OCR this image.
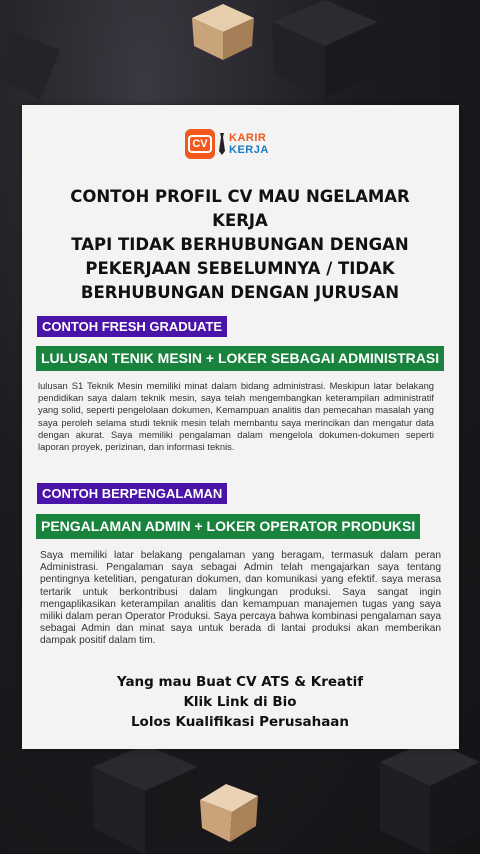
CV	KARIR
KERJA
CONTOH PROFIL CV MAU NGELAMAR KERJA
TAPI TIDAK BERHUBUNGAN DENGAN
PEKERJAAN SEBELUMNYA / TIDAK
BERHUBUNGAN DENGAN JURUSAN
CONTOH FRESH GRADUATE
LULUSAN TENIK MESIN + LOKER SEBAGAI ADMINISTRASI
lulusan S1 Teknik Mesin memiliki minat dalam bidang administrasi. Meskipun latar belakang pendidikan saya dalam teknik mesin, saya telah mengembangkan keterampilan administratif yang solid, seperti pengelolaan dokumen, Kemampuan analitis dan pemecahan masalah yang saya peroleh selama studi teknik mesin telah membantu saya merincikan dan mengatur data dengan akurat. Saya memiliki pengalaman dalam mengelola dokumen-dokumen seperti laporan proyek, perizinan, dan informasi teknis.
CONTOH BERPENGALAMAN
PENGALAMAN ADMIN + LOKER OPERATOR PRODUKSI
Saya memiliki latar belakang pengalaman yang beragam, termasuk dalam peran Administrasi. Pengalaman saya sebagai Admin telah mengajarkan saya tentang pentingnya ketelitian, pengaturan dokumen, dan komunikasi yang efektif. saya merasa tertarik untuk berkontribusi dalam lingkungan produksi. Saya sangat ingin mengaplikasikan keterampilan analitis dan kemampuan manajemen tugas yang saya miliki dalam peran Operator Produksi. Saya percaya bahwa kombinasi pengalaman saya sebagai Admin dan minat saya untuk berada di lantai produksi akan memberikan dampak positif dalam tim.
Yang mau Buat CV ATS & Kreatif
Klik Link di Bio
Lolos Kualifikasi Perusahaan
